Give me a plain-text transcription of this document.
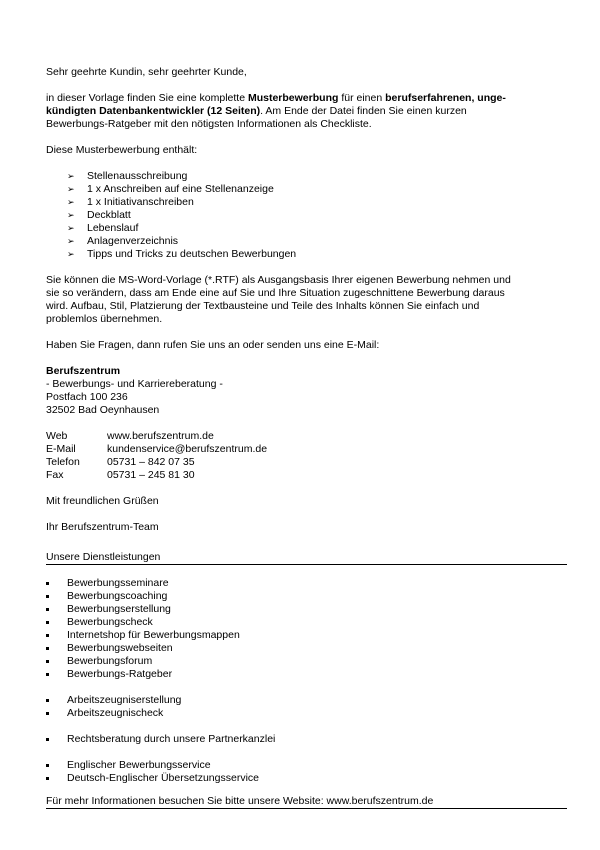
Sehr geehrte Kundin, sehr geehrter Kunde,

in dieser Vorlage finden Sie eine komplette Musterbewerbung für einen berufserfahrenen, unge-

kündigten Datenbankentwickler (12 Seiten). Am Ende der Datei finden Sie einen kurzen

Bewerbungs-Ratgeber mit den nötigsten Informationen als Checkliste.

Diese Musterbewerbung enthält:

➢ Stellenausschreibung
➢ 1 x Anschreiben auf eine Stellenanzeige
➢ 1 x Initiativanschreiben
➢ Deckblatt
➢ Lebenslauf
➢ Anlagenverzeichnis
➢ Tipps und Tricks zu deutschen Bewerbungen

Sie können die MS-Word-Vorlage (*.RTF) als Ausgangsbasis Ihrer eigenen Bewerbung nehmen und

sie so verändern, dass am Ende eine auf Sie und Ihre Situation zugeschnittene Bewerbung daraus

wird. Aufbau, Stil, Platzierung der Textbausteine und Teile des Inhalts können Sie einfach und

problemlos übernehmen.

Haben Sie Fragen, dann rufen Sie uns an oder senden uns eine E-Mail:

Berufszentrum

- Bewerbungs- und Karriereberatung -

Postfach 100 236

32502 Bad Oeynhausen

Web	www.berufszentrum.de
E-Mail	kundenservice@berufszentrum.de
Telefon	05731 – 842 07 35
Fax	05731 – 245 81 30

Mit freundlichen Grüßen

Ihr Berufszentrum-Team

Unsere Dienstleistungen

Bewerbungsseminare
Bewerbungscoaching
Bewerbungserstellung
Bewerbungscheck
Internetshop für Bewerbungsmappen
Bewerbungswebseiten
Bewerbungsforum
Bewerbungs-Ratgeber
Arbeitszeugniserstellung
Arbeitszeugnischeck
Rechtsberatung durch unsere Partnerkanzlei
Englischer Bewerbungsservice
Deutsch-Englischer Übersetzungsservice

Für mehr Informationen besuchen Sie bitte unsere Website: www.berufszentrum.de
